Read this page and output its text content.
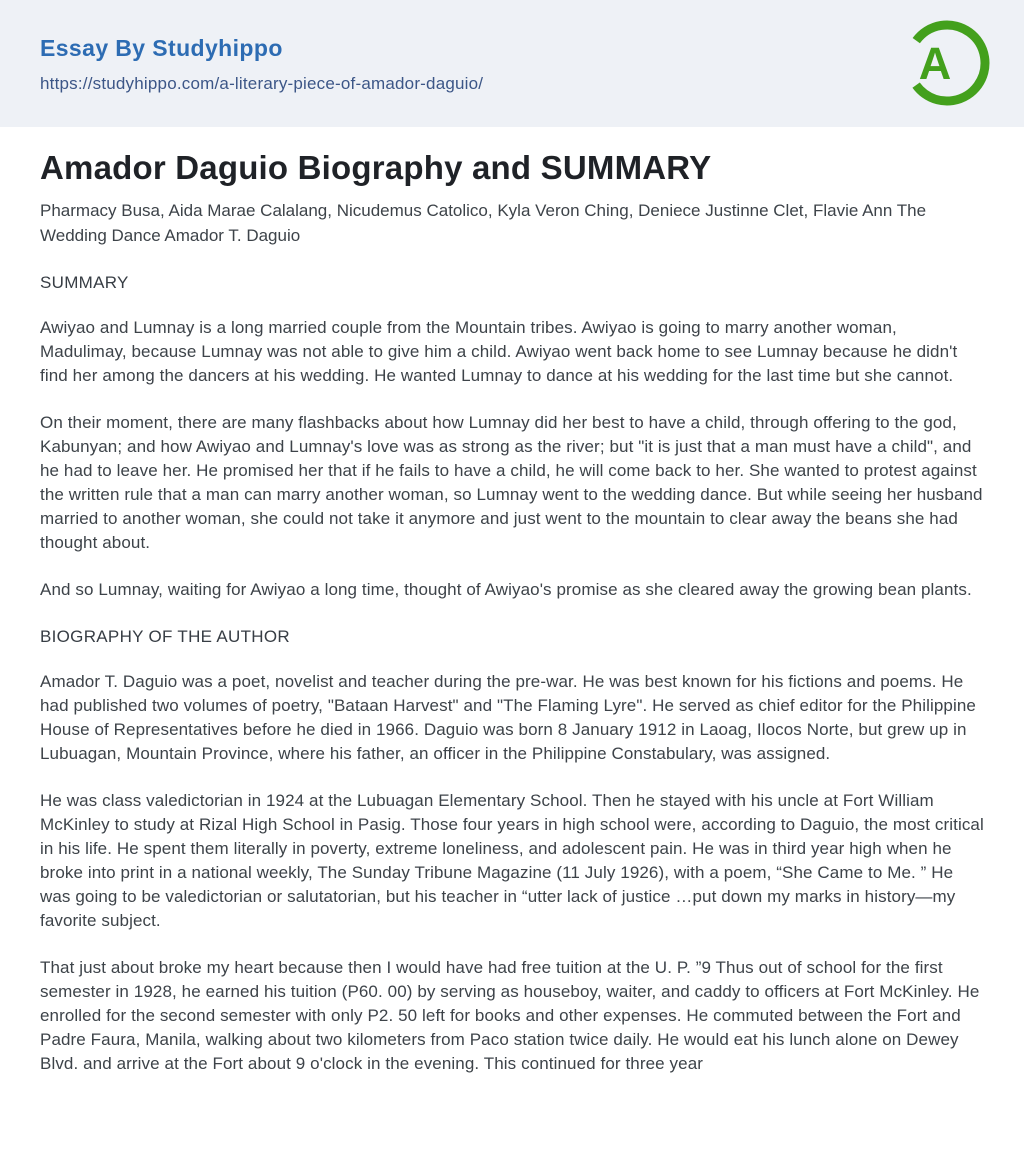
Essay By Studyhippo
https://studyhippo.com/a-literary-piece-of-amador-daguio/	A
Amador Daguio Biography and SUMMARY

Pharmacy Busa, Aida Marae Calalang, Nicudemus Catolico, Kyla Veron Ching, Deniece Justinne Clet, Flavie Ann The Wedding Dance Amador T. Daguio

SUMMARY

Awiyao and Lumnay is a long married couple from the Mountain tribes. Awiyao is going to marry another woman, Madulimay, because Lumnay was not able to give him a child. Awiyao went back home to see Lumnay because he didn't find her among the dancers at his wedding. He wanted Lumnay to dance at his wedding for the last time but she cannot.

On their moment, there are many flashbacks about how Lumnay did her best to have a child, through offering to the god, Kabunyan; and how Awiyao and Lumnay's love was as strong as the river; but "it is just that a man must have a child", and he had to leave her. He promised her that if he fails to have a child, he will come back to her. She wanted to protest against the written rule that a man can marry another woman, so Lumnay went to the wedding dance. But while seeing her husband married to another woman, she could not take it anymore and just went to the mountain to clear away the beans she had thought about.

And so Lumnay, waiting for Awiyao a long time, thought of Awiyao's promise as she cleared away the growing bean plants.

BIOGRAPHY OF THE AUTHOR

Amador T. Daguio was a poet, novelist and teacher during the pre-war. He was best known for his fictions and poems. He had published two volumes of poetry, "Bataan Harvest" and "The Flaming Lyre". He served as chief editor for the Philippine House of Representatives before he died in 1966. Daguio was born 8 January 1912 in Laoag, Ilocos Norte, but grew up in Lubuagan, Mountain Province, where his father, an officer in the Philippine Constabulary, was assigned.

He was class valedictorian in 1924 at the Lubuagan Elementary School. Then he stayed with his uncle at Fort William McKinley to study at Rizal High School in Pasig. Those four years in high school were, according to Daguio, the most critical in his life. He spent them literally in poverty, extreme loneliness, and adolescent pain. He was in third year high when he broke into print in a national weekly, The Sunday Tribune Magazine (11 July 1926), with a poem, “She Came to Me. ” He was going to be valedictorian or salutatorian, but his teacher in “utter lack of justice …put down my marks in history—my favorite subject.

That just about broke my heart because then I would have had free tuition at the U. P. ”9 Thus out of school for the first semester in 1928, he earned his tuition (P60. 00) by serving as houseboy, waiter, and caddy to officers at Fort McKinley. He enrolled for the second semester with only P2. 50 left for books and other expenses. He commuted between the Fort and Padre Faura, Manila, walking about two kilometers from Paco station twice daily. He would eat his lunch alone on Dewey Blvd. and arrive at the Fort about 9 o'clock in the evening. This continued for three year
